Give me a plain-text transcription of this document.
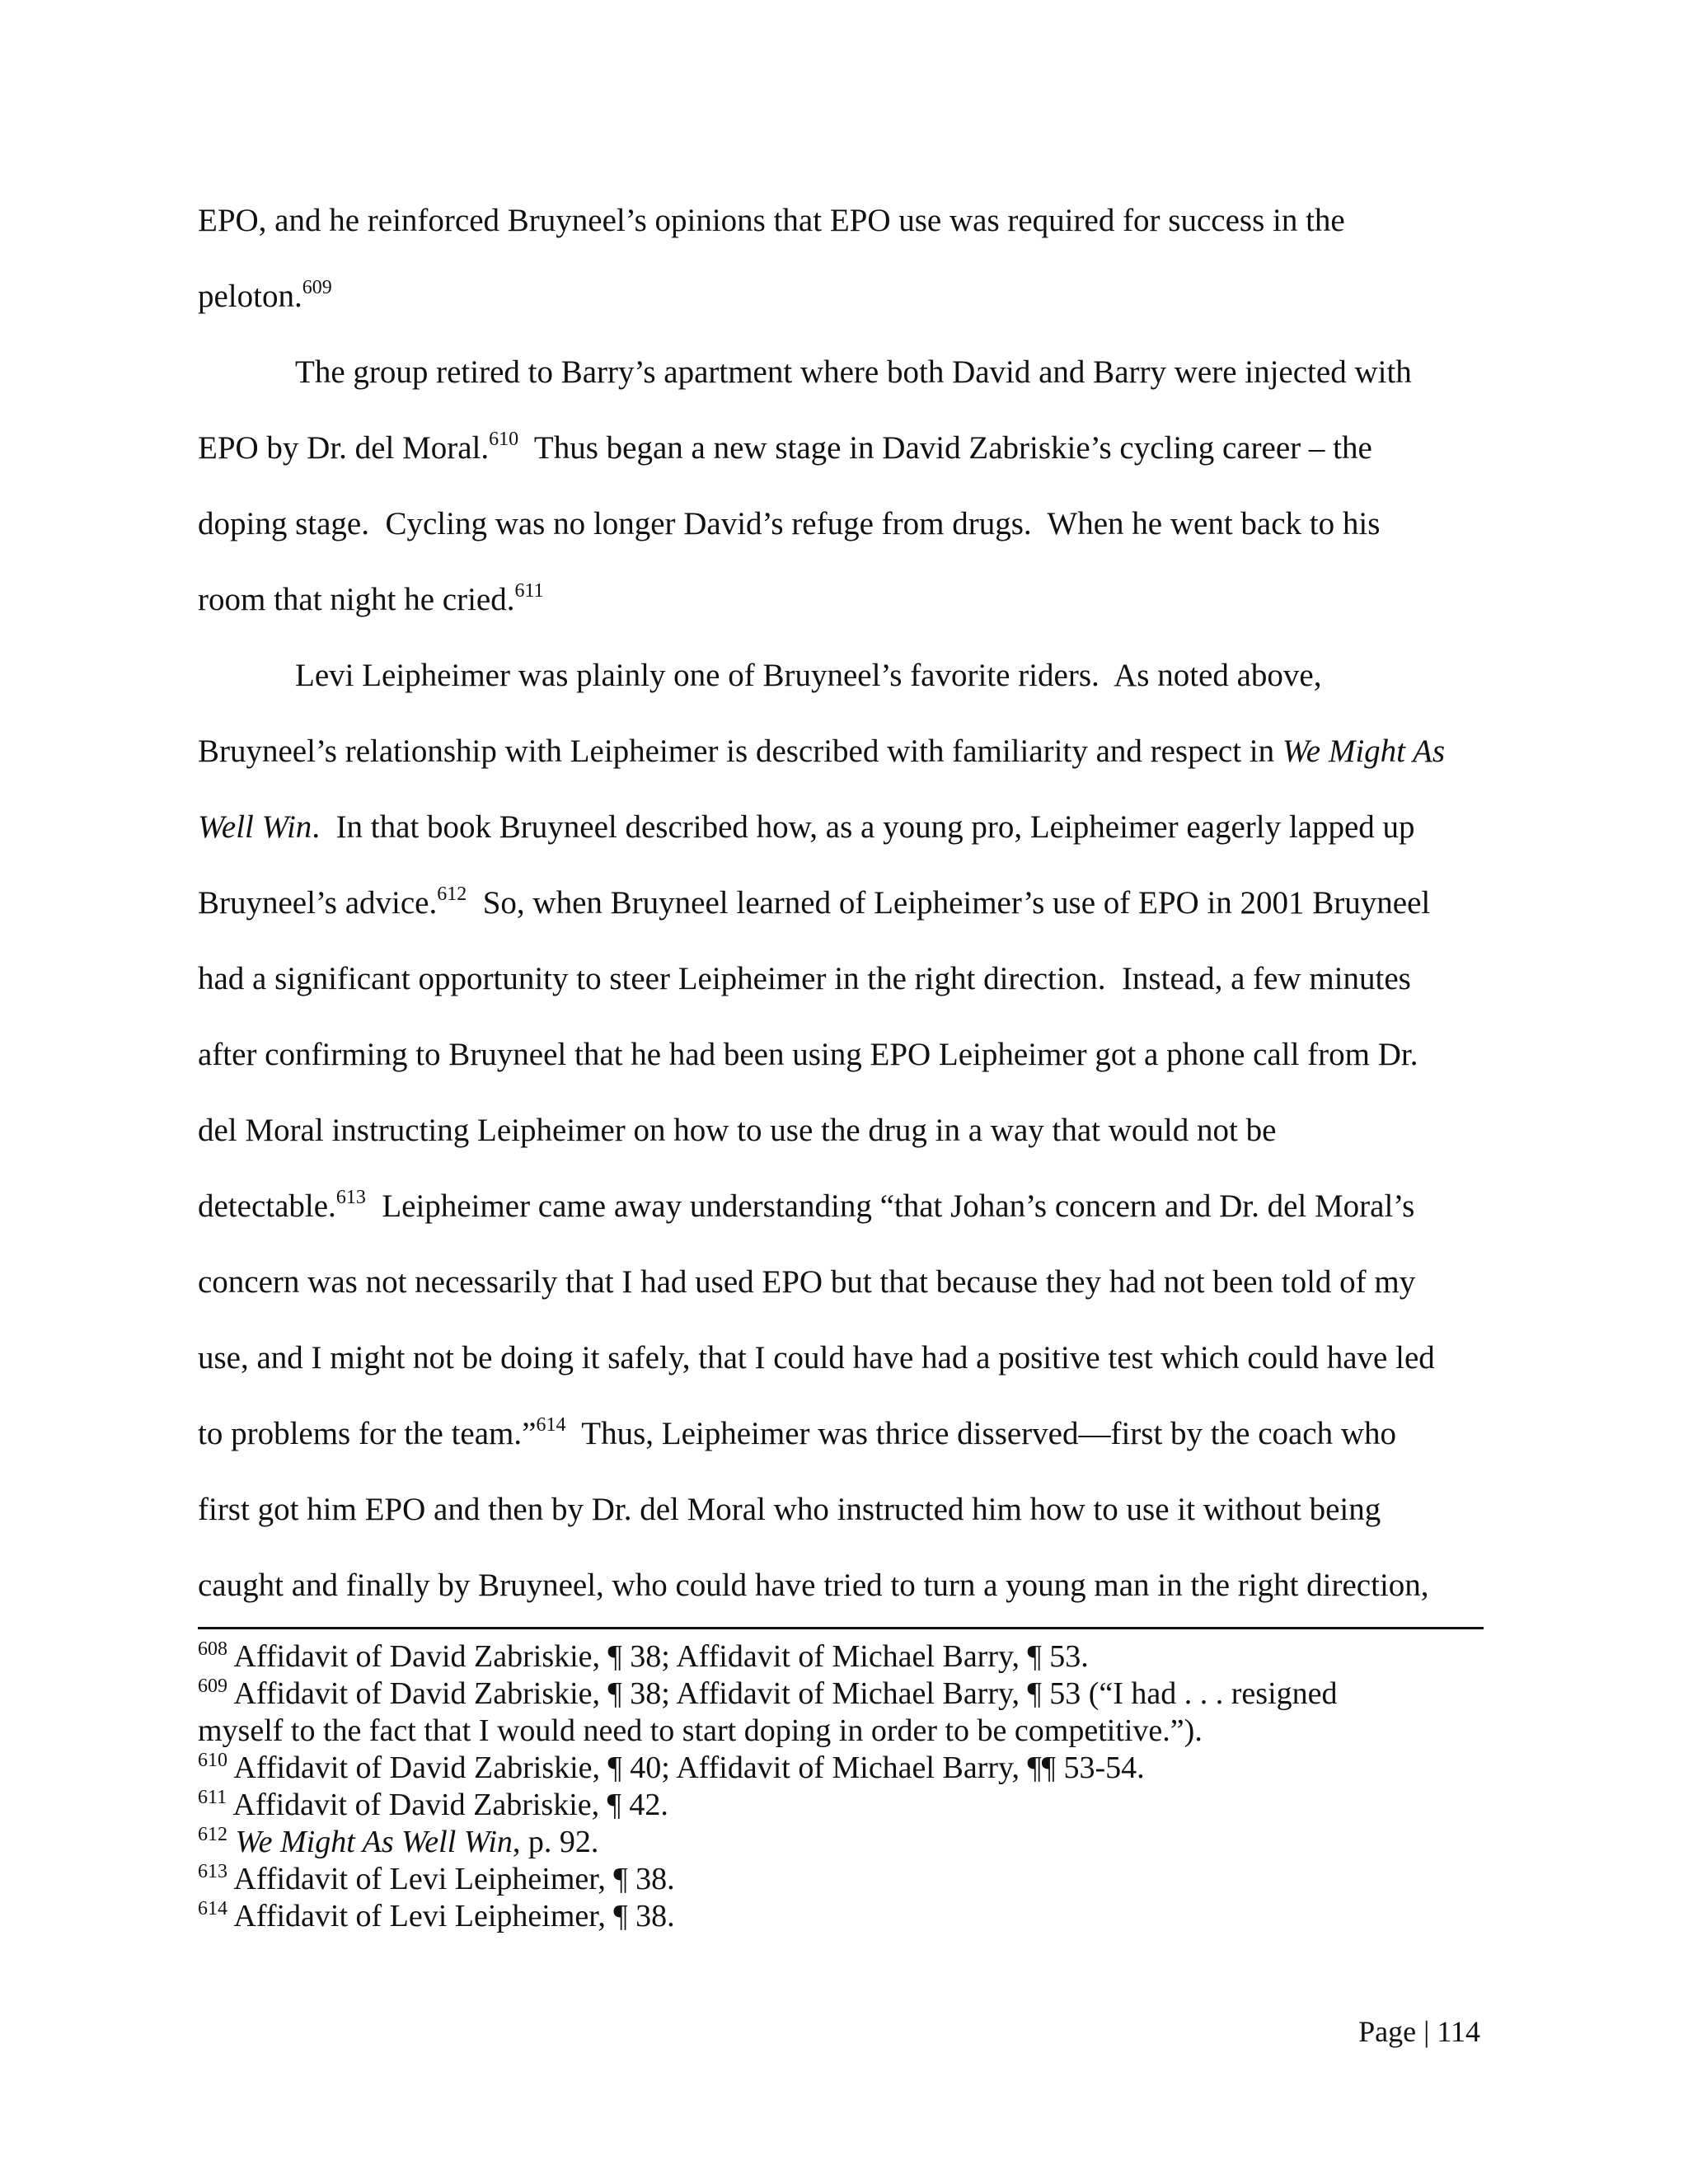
EPO, and he reinforced Bruyneel’s opinions that EPO use was required for success in the
peloton.$^{609}$
The group retired to Barry’s apartment where both David and Barry were injected with
EPO by Dr. del Moral.$^{610}$  Thus began a new stage in David Zabriskie’s cycling career – the
doping stage.  Cycling was no longer David’s refuge from drugs.  When he went back to his
room that night he cried.$^{611}$
Levi Leipheimer was plainly one of Bruyneel’s favorite riders.  As noted above,
Bruyneel’s relationship with Leipheimer is described with familiarity and respect in We Might As
Well Win.  In that book Bruyneel described how, as a young pro, Leipheimer eagerly lapped up
Bruyneel’s advice.$^{612}$  So, when Bruyneel learned of Leipheimer’s use of EPO in 2001 Bruyneel
had a significant opportunity to steer Leipheimer in the right direction.  Instead, a few minutes
after confirming to Bruyneel that he had been using EPO Leipheimer got a phone call from Dr.
del Moral instructing Leipheimer on how to use the drug in a way that would not be
detectable.$^{613}$  Leipheimer came away understanding “that Johan’s concern and Dr. del Moral’s
concern was not necessarily that I had used EPO but that because they had not been told of my
use, and I might not be doing it safely, that I could have had a positive test which could have led
to problems for the team.”$^{614}$  Thus, Leipheimer was thrice disserved—first by the coach who
first got him EPO and then by Dr. del Moral who instructed him how to use it without being
caught and finally by Bruyneel, who could have tried to turn a young man in the right direction,
$^{608}$ Affidavit of David Zabriskie, ¶ 38; Affidavit of Michael Barry, ¶ 53.
$^{609}$ Affidavit of David Zabriskie, ¶ 38; Affidavit of Michael Barry, ¶ 53 (“I had . . . resigned
myself to the fact that I would need to start doping in order to be competitive.”).
$^{610}$ Affidavit of David Zabriskie, ¶ 40; Affidavit of Michael Barry, ¶¶ 53-54.
$^{611}$ Affidavit of David Zabriskie, ¶ 42.
$^{612}$ We Might As Well Win, p. 92.
$^{613}$ Affidavit of Levi Leipheimer, ¶ 38.
$^{614}$ Affidavit of Levi Leipheimer, ¶ 38.
Page | 114
